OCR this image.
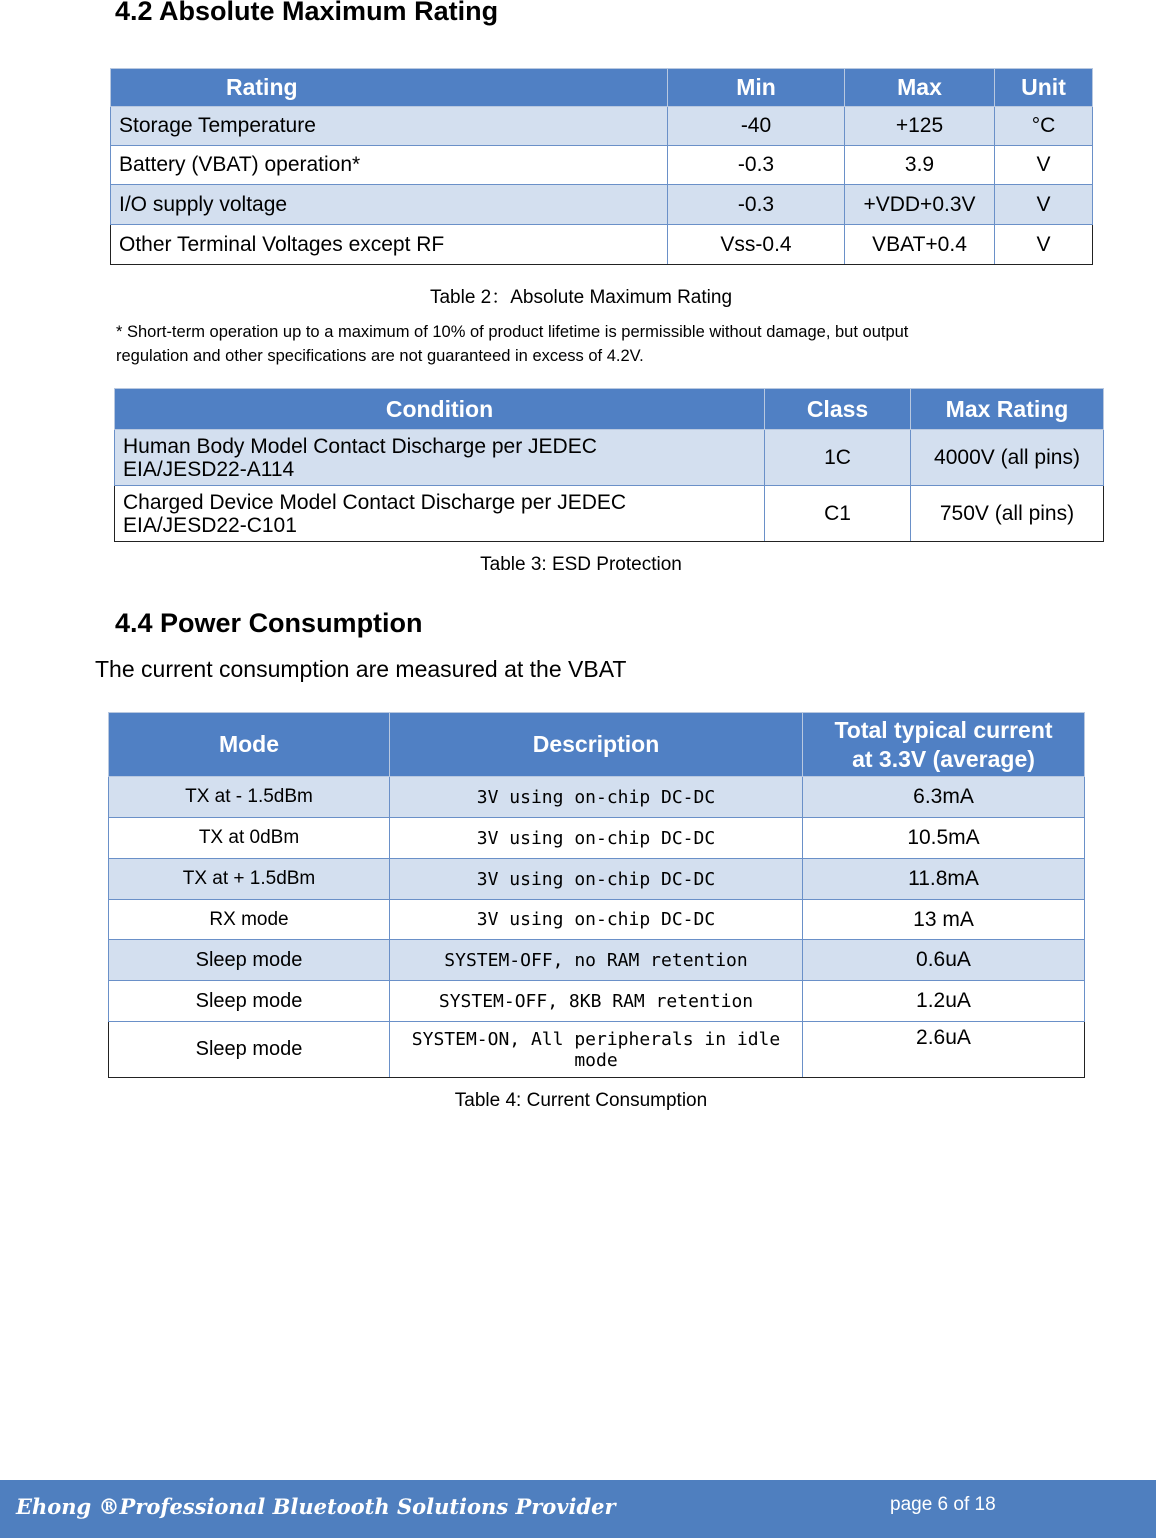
4.2 Absolute Maximum Rating
Rating	Min	Max	Unit
Storage Temperature	-40	+125	°C
Battery (VBAT) operation*	-0.3	3.9	V
I/O supply voltage	-0.3	+VDD+0.3V	V
Other Terminal Voltages except RF	Vss-0.4	VBAT+0.4	V
Table 2：Absolute Maximum Rating
* Short-term operation up to a maximum of 10% of product lifetime is permissible without damage, but output
regulation and other specifications are not guaranteed in excess of 4.2V.
Condition	Class	Max Rating

Human Body Model Contact Discharge per JEDEC
EIA/JESD22-A114	1C	4000V (all pins)

Charged Device Model Contact Discharge per JEDEC
EIA/JESD22-C101	C1	750V (all pins)
Table 3: ESD Protection
4.4 Power Consumption
The current consumption are measured at the VBAT
Mode	Description	Total typical current
at 3.3V (average)

TX at - 1.5dBm	3V using on-chip DC-DC	6.3mA
TX at 0dBm	3V using on-chip DC-DC	10.5mA
TX at + 1.5dBm	3V using on-chip DC-DC	11.8mA
RX mode	3V using on-chip DC-DC	13 mA
Sleep mode	SYSTEM-OFF, no RAM retention	0.6uA
Sleep mode	SYSTEM-OFF, 8KB RAM retention	1.2uA
Sleep mode	SYSTEM-ON, All peripherals in idle mode	2.6uA
Table 4: Current Consumption
Ehong ®Professional Bluetooth Solutions Provider	page 6 of 18
